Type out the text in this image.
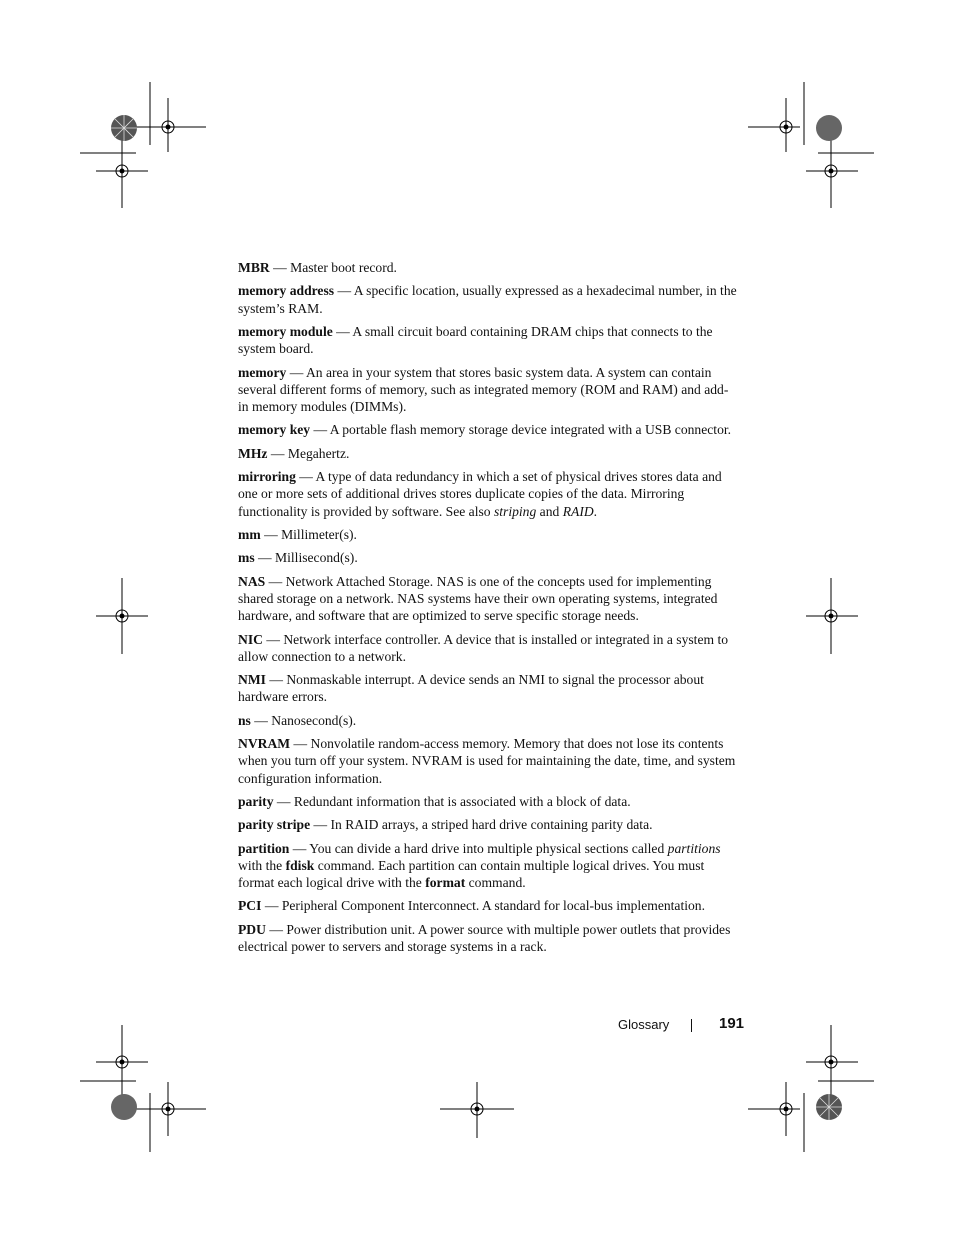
MBR — Master boot record.

memory address — A specific location, usually expressed as a hexadecimal number, in the system’s RAM.

memory module — A small circuit board containing DRAM chips that connects to the system board.

memory — An area in your system that stores basic system data. A system can contain several different forms of memory, such as integrated memory (ROM and RAM) and add-in memory modules (DIMMs).

memory key — A portable flash memory storage device integrated with a USB connector.

MHz — Megahertz.

mirroring — A type of data redundancy in which a set of physical drives stores data and one or more sets of additional drives stores duplicate copies of the data. Mirroring functionality is provided by software. See also striping and RAID.

mm — Millimeter(s).

ms — Millisecond(s).

NAS — Network Attached Storage. NAS is one of the concepts used for implementing shared storage on a network. NAS systems have their own operating systems, integrated hardware, and software that are optimized to serve specific storage needs.

NIC — Network interface controller. A device that is installed or integrated in a system to allow connection to a network.

NMI — Nonmaskable interrupt. A device sends an NMI to signal the processor about hardware errors.

ns — Nanosecond(s).

NVRAM — Nonvolatile random-access memory. Memory that does not lose its contents when you turn off your system. NVRAM is used for maintaining the date, time, and system configuration information.

parity — Redundant information that is associated with a block of data.

parity stripe — In RAID arrays, a striped hard drive containing parity data.

partition — You can divide a hard drive into multiple physical sections called partitions with the fdisk command. Each partition can contain multiple logical drives. You must format each logical drive with the format command.

PCI — Peripheral Component Interconnect. A standard for local-bus implementation.

PDU — Power distribution unit. A power source with multiple power outlets that provides electrical power to servers and storage systems in a rack.

Glossary	191
